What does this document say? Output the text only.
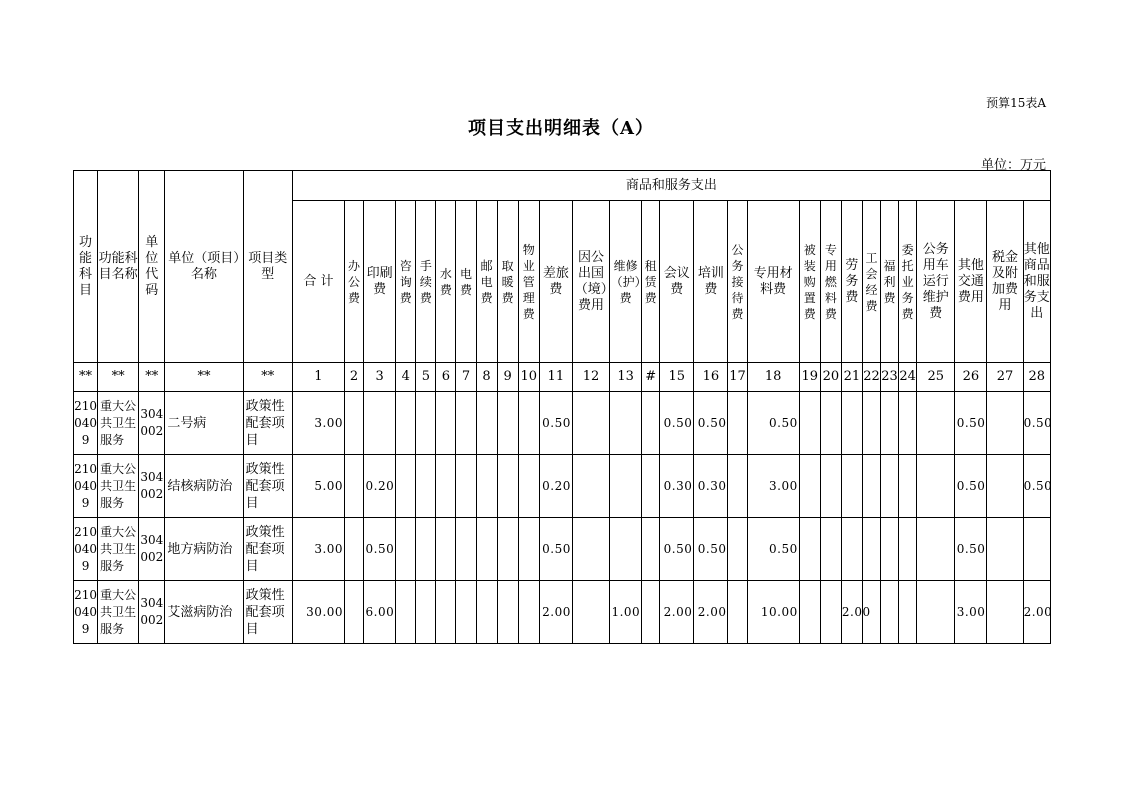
预算15表A
项目支出明细表（A）
单位：万元
功能科目	功能科目名称	单位代码	单位（项目）名称	项目类型	商品和服务支出																											
					合 计	办公费	印刷费	咨询费	手续费	水费	电费	邮电费	取暖费	物业管理费	差旅费	因公出国（境）费用	维修（护）费	租赁费	会议费	培训费	公务接待费	专用材料费	被装购置费	专用燃料费	劳务费	工会经费	福利费	委托业务费	公务用车运行维护费	其他交通费用	税金及附加费用	其他商品和服务支出
**	**	**	**	**	1	2	3	4	5	6	7	8	9	10	11	12	13	#	15	16	17	18	19	20	21	22	23	24	25	26	27	28
2100409	重大公共卫生服务	304002	二号病	政策性配套项目	3.00										0.50				0.50	0.50		0.50								0.50		0.50
2100409	重大公共卫生服务	304002	结核病防治	政策性配套项目	5.00		0.20								0.20				0.30	0.30		3.00								0.50		0.50
2100409	重大公共卫生服务	304002	地方病防治	政策性配套项目	3.00		0.50								0.50				0.50	0.50		0.50								0.50		
2100409	重大公共卫生服务	304002	艾滋病防治	政策性配套项目	30.00		6.00								2.00		1.00		2.00	2.00		10.00			2.00					3.00		2.00
